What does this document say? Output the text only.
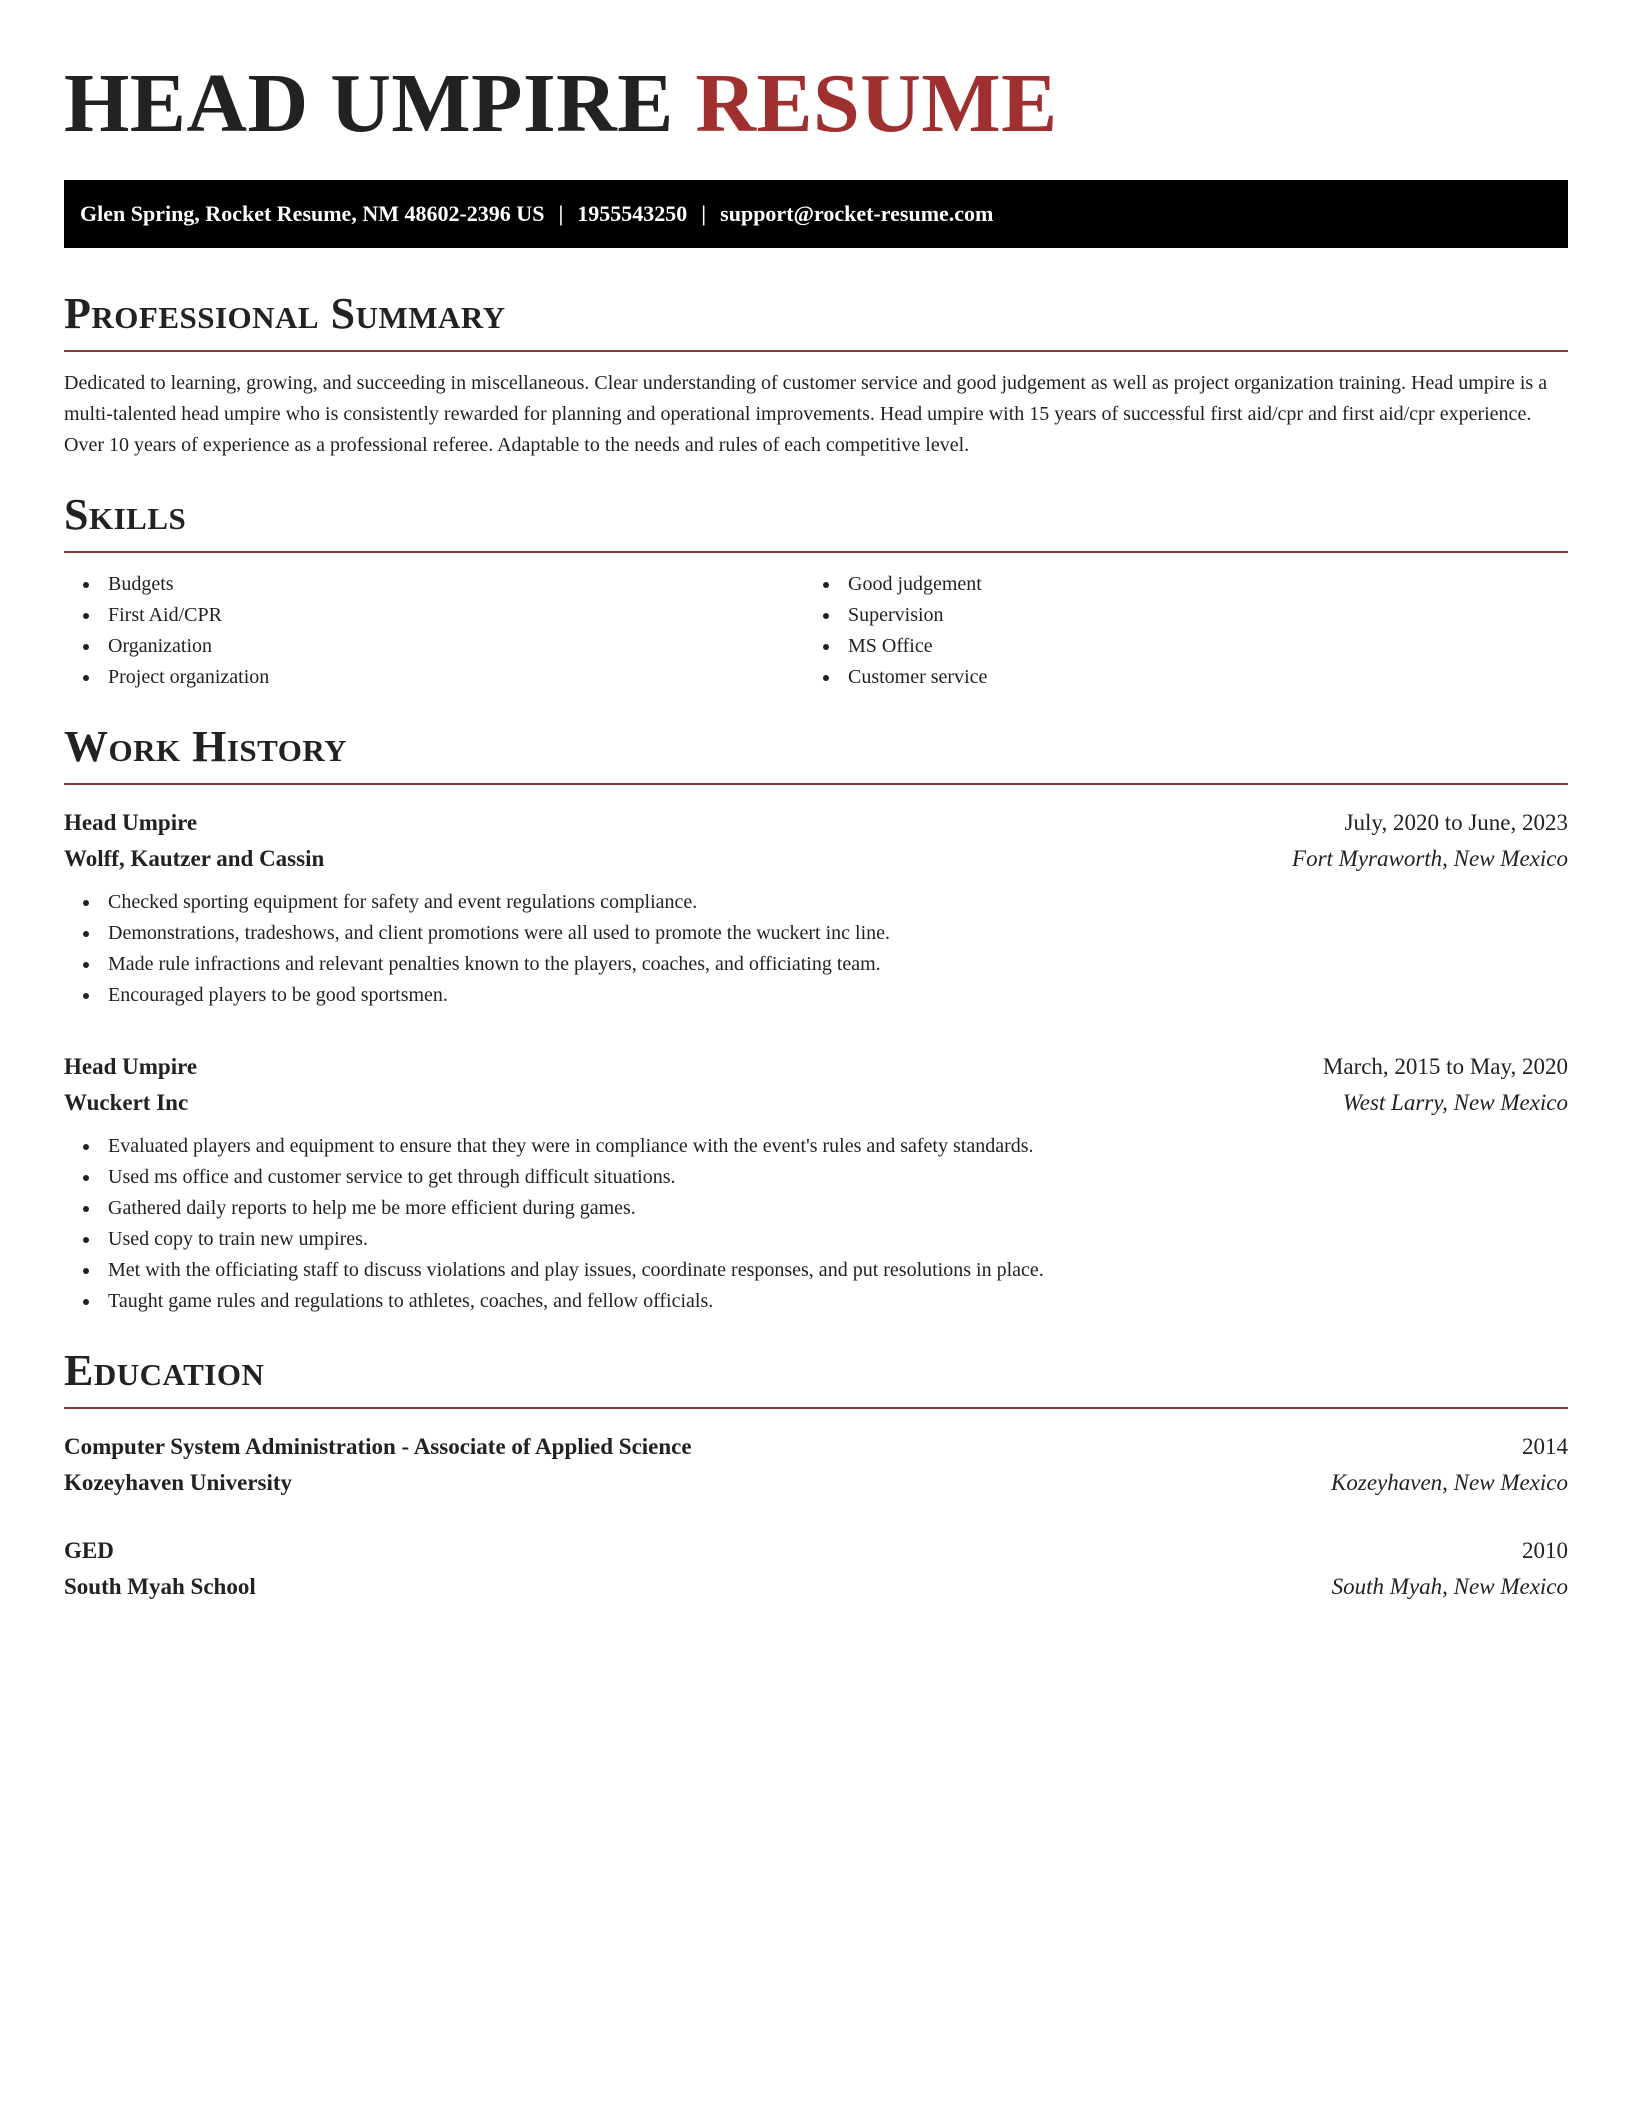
HEAD UMPIRE RESUME
Glen Spring, Rocket Resume, NM 48602-2396 US | 1955543250 | support@rocket-resume.com
Professional Summary

Dedicated to learning, growing, and succeeding in miscellaneous. Clear understanding of customer service and good judgement as well as project organization training. Head umpire is a multi-talented head umpire who is consistently rewarded for planning and operational improvements. Head umpire with 15 years of successful first aid/cpr and first aid/cpr experience. Over 10 years of experience as a professional referee. Adaptable to the needs and rules of each competitive level.

Skills
Budgets
First Aid/CPR
Organization
Project organization
Good judgement
Supervision
MS Office
Customer service
Work History
Head Umpire	July, 2020 to June, 2023
Wolff, Kautzer and Cassin	Fort Myraworth, New Mexico
Checked sporting equipment for safety and event regulations compliance.
Demonstrations, tradeshows, and client promotions were all used to promote the wuckert inc line.
Made rule infractions and relevant penalties known to the players, coaches, and officiating team.
Encouraged players to be good sportsmen.
Head Umpire	March, 2015 to May, 2020
Wuckert Inc	West Larry, New Mexico
Evaluated players and equipment to ensure that they were in compliance with the event's rules and safety standards.
Used ms office and customer service to get through difficult situations.
Gathered daily reports to help me be more efficient during games.
Used copy to train new umpires.
Met with the officiating staff to discuss violations and play issues, coordinate responses, and put resolutions in place.
Taught game rules and regulations to athletes, coaches, and fellow officials.
Education
Computer System Administration - Associate of Applied Science	2014
Kozeyhaven University	Kozeyhaven, New Mexico
GED	2010
South Myah School	South Myah, New Mexico
